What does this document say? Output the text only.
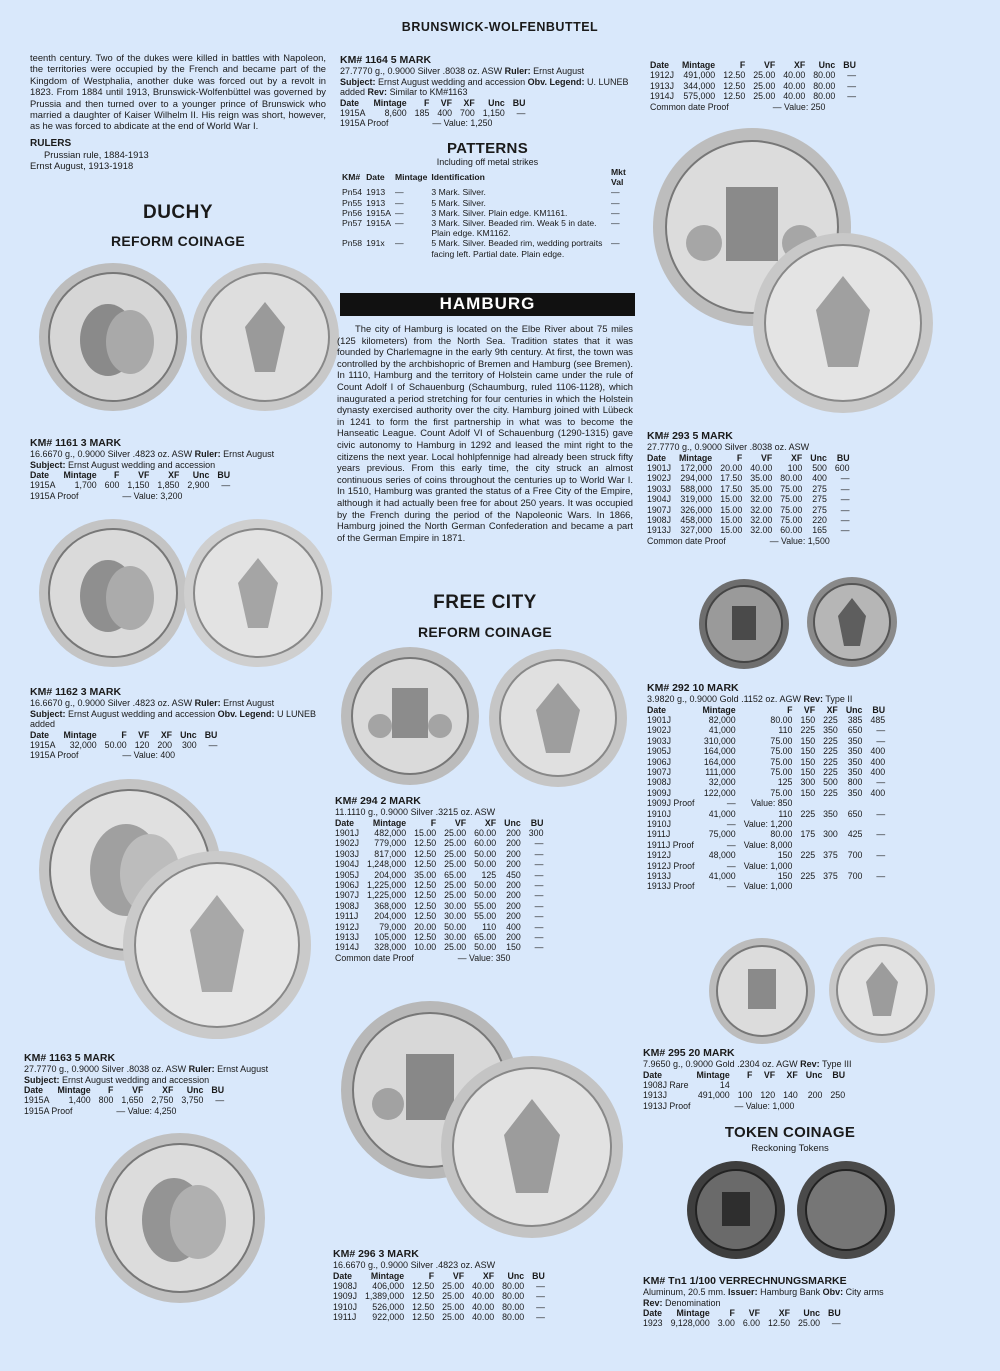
BRUNSWICK-WOLFENBUTTEL
teenth century. Two of the dukes were killed in battles with Napoleon, the territories were occupied by the French and became part of the Kingdom of Westphalia, another duke was forced out by a revolt in 1823. From 1884 until 1913, Brunswick-Wolfenbüttel was governed by Prussia and then turned over to a younger prince of Brunswick who married a daughter of Kaiser Wilhelm II. His reign was short, however, as he was forced to abdicate at the end of World War I.
RULERS
Prussian rule, 1884-1913
Ernst August, 1913-1918
DUCHY
REFORM COINAGE
KM# 1161 3 MARK
16.6670 g., 0.9000 Silver .4823 oz. ASW Ruler: Ernst August
Subject: Ernst August wedding and accession
Date	Mintage	F	VF	XF	Unc	BU
1915A	1,700	600	1,150	1,850	2,900	—
1915A Proof	— Value: 3,200
KM# 1162 3 MARK
16.6670 g., 0.9000 Silver .4823 oz. ASW Ruler: Ernst August
Subject: Ernst August wedding and accession Obv. Legend: U LUNEB added
Date	Mintage	F	VF	XF	Unc	BU
1915A	32,000	50.00	120	200	300	—
1915A Proof	— Value: 400
KM# 1163 5 MARK
27.7770 g., 0.9000 Silver .8038 oz. ASW Ruler: Ernst August
Subject: Ernst August wedding and accession
Date	Mintage	F	VF	XF	Unc	BU
1915A	1,400	800	1,650	2,750	3,750	—
1915A Proof	— Value: 4,250
KM# 1164 5 MARK
27.7770 g., 0.9000 Silver .8038 oz. ASW Ruler: Ernst August
Subject: Ernst August wedding and accession Obv. Legend: U. LUNEB added Rev: Similar to KM#1163
Date	Mintage	F	VF	XF	Unc	BU
1915A	8,600	185	400	700	1,150	—
1915A Proof	— Value: 1,250
PATTERNS
Including off metal strikes
KM#	Date	Mintage	Identification	Mkt Val
Pn54	1913	—	3 Mark. Silver.	—
Pn55	1913	—	5 Mark. Silver.	—
Pn56	1915A	—	3 Mark. Silver. Plain edge. KM1161.	—
Pn57	1915A	—	3 Mark. Silver. Beaded rim. Weak 5 in date. Plain edge. KM1162.	—
Pn58	191x	—	5 Mark. Silver. Beaded rim, wedding portraits facing left. Partial date. Plain edge.	—
HAMBURG
The city of Hamburg is located on the Elbe River about 75 miles (125 kilometers) from the North Sea. Tradition states that it was founded by Charlemagne in the early 9th century. At first, the town was controlled by the archbishopric of Bremen and Hamburg (see Bremen). In 1110, Hamburg and the territory of Holstein came under the rule of Count Adolf I of Schauenburg (Schaumburg, ruled 1106-1128), which inaugurated a period stretching for four centuries in which the Holstein dynasty exercised authority over the city. Hamburg joined with Lübeck in 1241 to form the first partnership in what was to become the Hanseatic League. Count Adolf VI of Schauenburg (1290-1315) gave civic autonomy to Hamburg in 1292 and leased the mint right to the citizens the next year. Local hohlpfennige had already been struck fifty years previous. From this early time, the city struck an almost continuous series of coins throughout the centuries up to World War I. In 1510, Hamburg was granted the status of a Free City of the Empire, although it had actually been free for about 250 years. It was occupied by the French during the period of the Napoleonic Wars. In 1866, Hamburg joined the North German Confederation and became a part of the German Empire in 1871.
FREE CITY
REFORM COINAGE
KM# 294 2 MARK
11.1110 g., 0.9000 Silver .3215 oz. ASW
Date	Mintage	F	VF	XF	Unc	BU
1901J	482,000	15.00	25.00	60.00	200	300
1902J	779,000	12.50	25.00	60.00	200	—
1903J	817,000	12.50	25.00	50.00	200	—
1904J	1,248,000	12.50	25.00	50.00	200	—
1905J	204,000	35.00	65.00	125	450	—
1906J	1,225,000	12.50	25.00	50.00	200	—
1907J	1,225,000	12.50	25.00	50.00	200	—
1908J	368,000	12.50	30.00	55.00	200	—
1911J	204,000	12.50	30.00	55.00	200	—
1912J	79,000	20.00	50.00	110	400	—
1913J	105,000	12.50	30.00	65.00	200	—
1914J	328,000	10.00	25.00	50.00	150	—
Common date Proof	— Value: 350
KM# 296 3 MARK
16.6670 g., 0.9000 Silver .4823 oz. ASW
Date	Mintage	F	VF	XF	Unc	BU
1908J	406,000	12.50	25.00	40.00	80.00	—
1909J	1,389,000	12.50	25.00	40.00	80.00	—
1910J	526,000	12.50	25.00	40.00	80.00	—
1911J	922,000	12.50	25.00	40.00	80.00	—
Date	Mintage	F	VF	XF	Unc	BU
1912J	491,000	12.50	25.00	40.00	80.00	—
1913J	344,000	12.50	25.00	40.00	80.00	—
1914J	575,000	12.50	25.00	40.00	80.00	—
Common date Proof	— Value: 250
KM# 293 5 MARK
27.7770 g., 0.9000 Silver .8038 oz. ASW
Date	Mintage	F	VF	XF	Unc	BU
1901J	172,000	20.00	40.00	100	500	600
1902J	294,000	17.50	35.00	80.00	400	—
1903J	588,000	17.50	35.00	75.00	275	—
1904J	319,000	15.00	32.00	75.00	275	—
1907J	326,000	15.00	32.00	75.00	275	—
1908J	458,000	15.00	32.00	75.00	220	—
1913J	327,000	15.00	32.00	60.00	165	—
Common date Proof	— Value: 1,500
KM# 292 10 MARK
3.9820 g., 0.9000 Gold .1152 oz. AGW Rev: Type II
Date	Mintage	F	VF	XF	Unc	BU
1901J	82,000	80.00	150	225	385	485
1902J	41,000	110	225	350	650	—
1903J	310,000	75.00	150	225	350	—
1905J	164,000	75.00	150	225	350	400
1906J	164,000	75.00	150	225	350	400
1907J	111,000	75.00	150	225	350	400
1908J	32,000	125	300	500	800	—
1909J	122,000	75.00	150	225	350	400
1909J Proof	—	Value: 850				
1910J	41,000	110	225	350	650	—
1910J	—	Value: 1,200				
1911J	75,000	80.00	175	300	425	—
1911J Proof	—	Value: 8,000				
1912J	48,000	150	225	375	700	—
1912J Proof	—	Value: 1,000				
1913J	41,000	150	225	375	700	—
1913J Proof	—	Value: 1,000				
KM# 295 20 MARK
7.9650 g., 0.9000 Gold .2304 oz. AGW Rev: Type III
Date	Mintage	F	VF	XF	Unc	BU
1908J Rare	14					
1913J	491,000	100	120	140	200	250
1913J Proof	— Value: 1,000
TOKEN COINAGE
Reckoning Tokens
KM# Tn1 1/100 VERRECHNUNGSMARKE
Aluminum, 20.5 mm. Issuer: Hamburg Bank Obv: City arms
Rev: Denomination
Date	Mintage	F	VF	XF	Unc	BU
1923	9,128,000	3.00	6.00	12.50	25.00	—
